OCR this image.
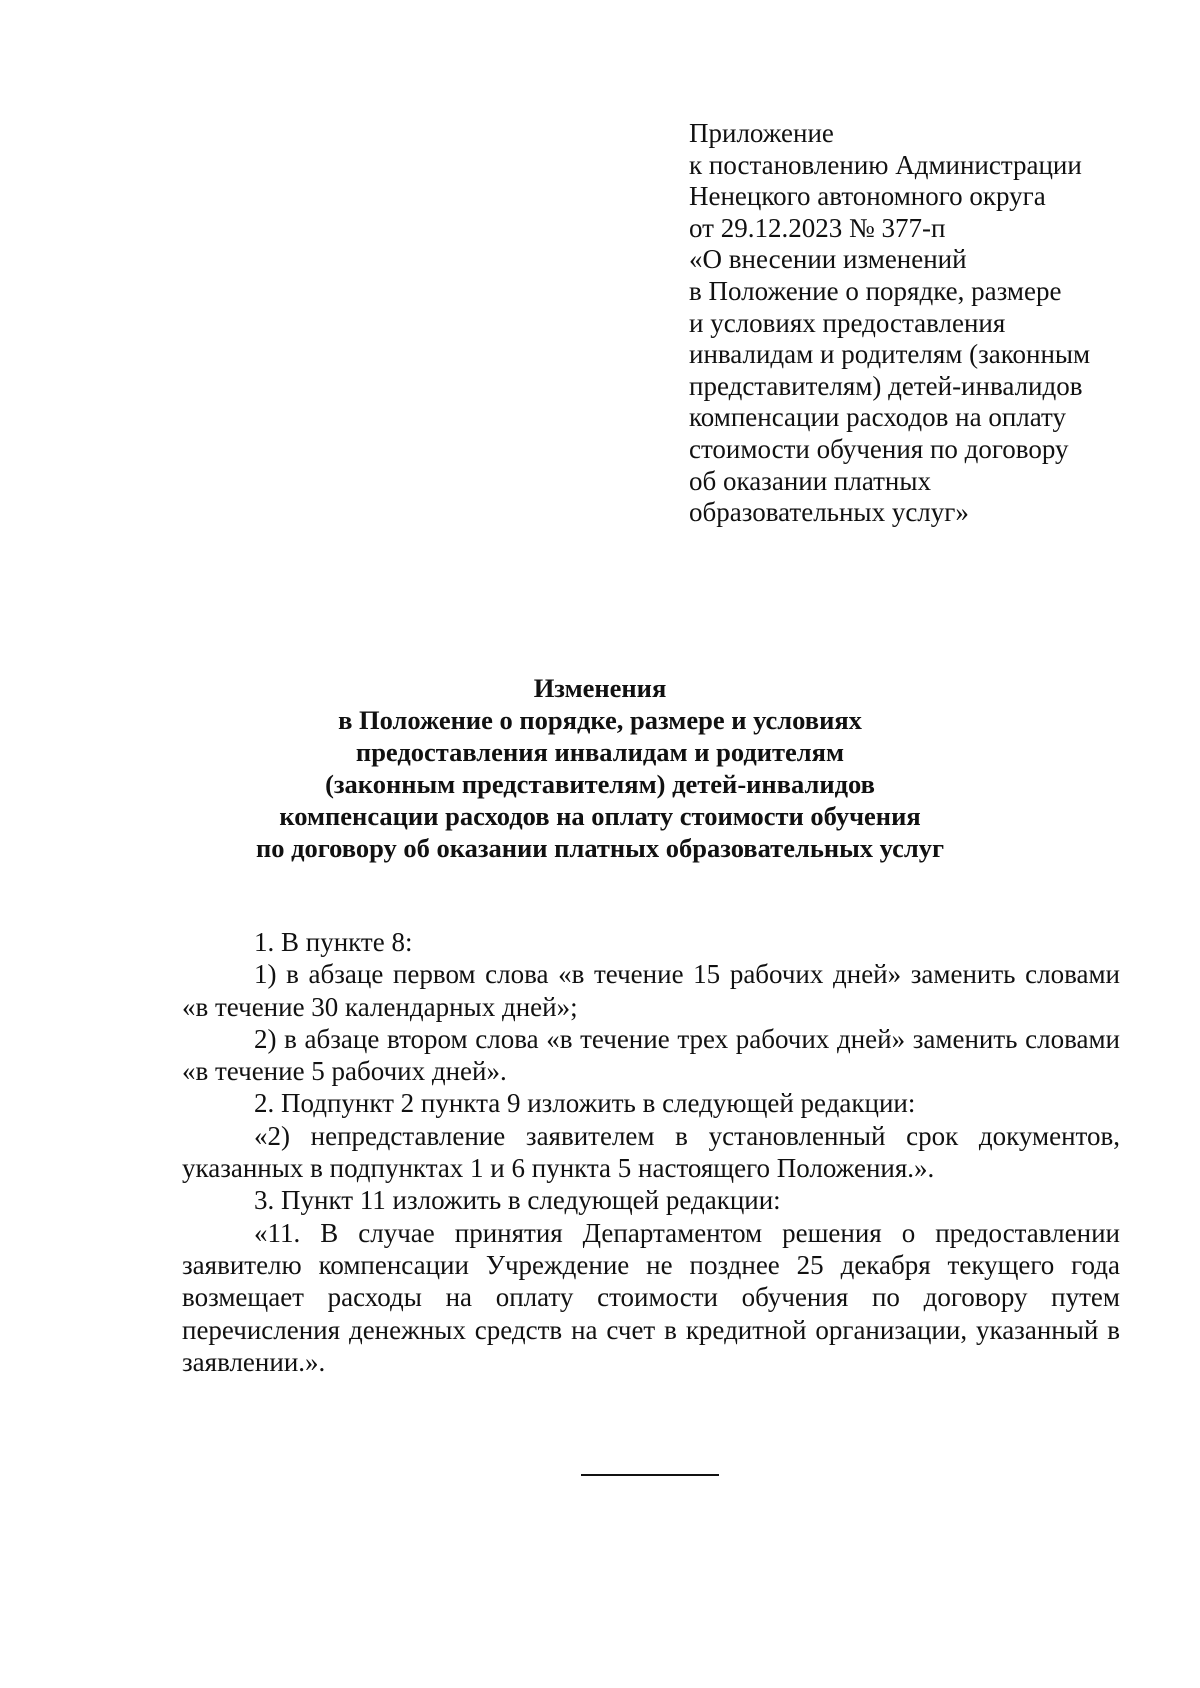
Приложение
к постановлению Администрации
Ненецкого автономного округа
от 29.12.2023 № 377-п
«О внесении изменений
в Положение о порядке, размере
и условиях предоставления
инвалидам и родителям (законным
представителям) детей-инвалидов
компенсации расходов на оплату
стоимости обучения по договору
об оказании платных
образовательных услуг»
Изменения
в Положение о порядке, размере и условиях
предоставления инвалидам и родителям
(законным представителям) детей-инвалидов
компенсации расходов на оплату стоимости обучения
по договору об оказании платных образовательных услуг

1. В пункте 8:

1) в абзаце первом слова «в течение 15 рабочих дней» заменить словами «в течение 30 календарных дней»;

2) в абзаце втором слова «в течение трех рабочих дней» заменить словами «в течение 5 рабочих дней».

2. Подпункт 2 пункта 9 изложить в следующей редакции:

«2) непредставление заявителем в установленный срок документов, указанных в подпунктах 1 и 6 пункта 5 настоящего Положения.».

3. Пункт 11 изложить в следующей редакции:

«11. В случае принятия Департаментом решения о предоставлении заявителю компенсации Учреждение не позднее 25 декабря текущего года возмещает расходы на оплату стоимости обучения по договору путем перечисления денежных средств на счет в кредитной организации, указанный в заявлении.».
